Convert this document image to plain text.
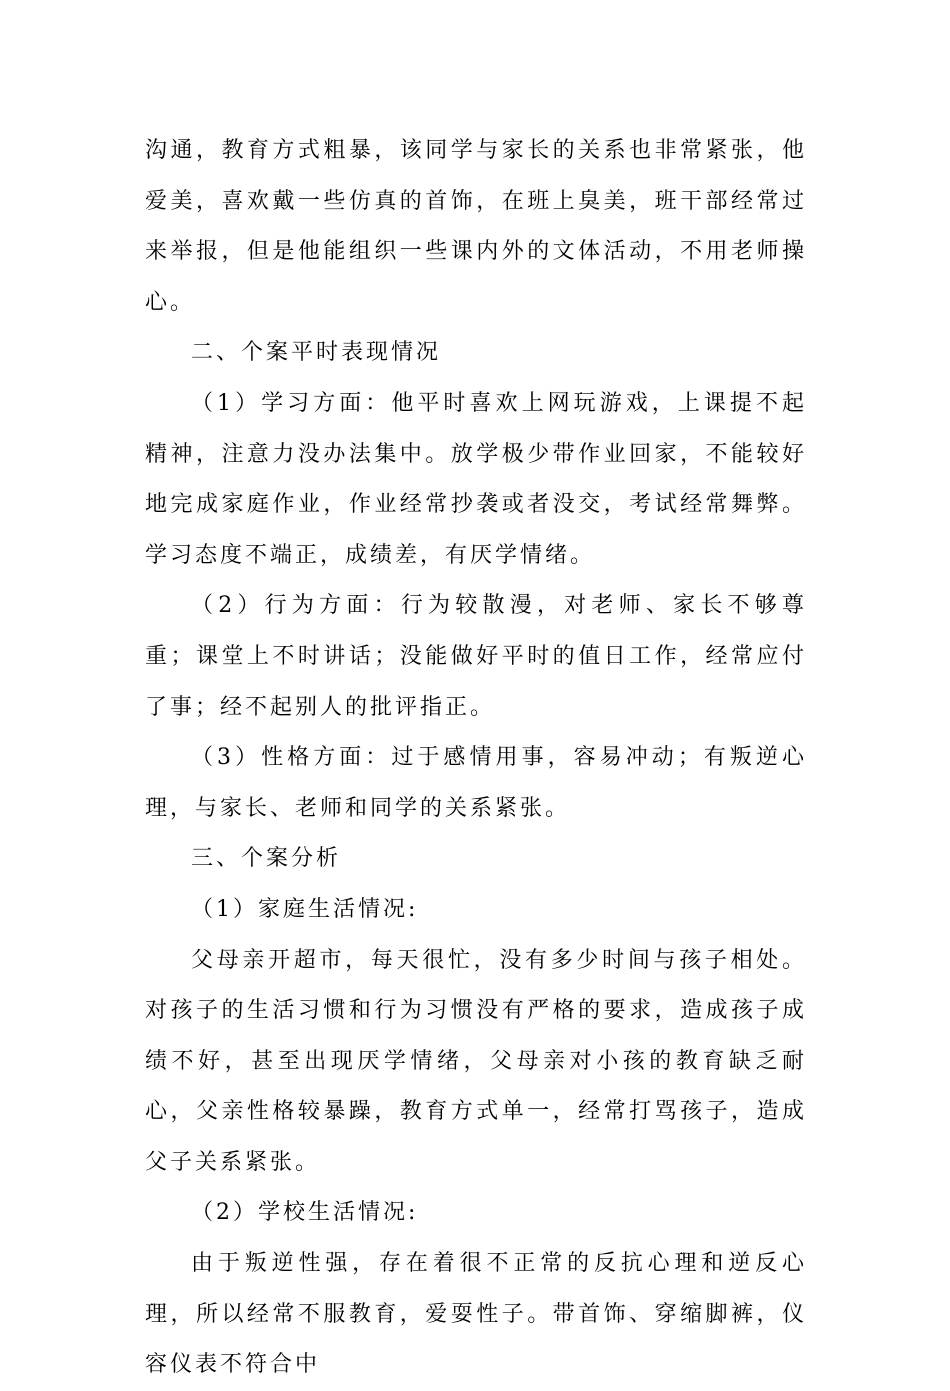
沟通，教育方式粗暴，该同学与家长的关系也非常紧张，他爱美，喜欢戴一些仿真的首饰，在班上臭美，班干部经常过来举报，但是他能组织一些课内外的文体活动，不用老师操心。

二、个案平时表现情况

（1）学习方面：他平时喜欢上网玩游戏，上课提不起精神，注意力没办法集中。放学极少带作业回家，不能较好地完成家庭作业，作业经常抄袭或者没交，考试经常舞弊。学习态度不端正，成绩差，有厌学情绪。

（2）行为方面：行为较散漫，对老师、家长不够尊重；课堂上不时讲话；没能做好平时的值日工作，经常应付了事；经不起别人的批评指正。

（3）性格方面：过于感情用事，容易冲动；有叛逆心理，与家长、老师和同学的关系紧张。

三、个案分析

（1）家庭生活情况:

父母亲开超市，每天很忙，没有多少时间与孩子相处。对孩子的生活习惯和行为习惯没有严格的要求，造成孩子成绩不好，甚至出现厌学情绪，父母亲对小孩的教育缺乏耐心，父亲性格较暴躁，教育方式单一，经常打骂孩子，造成父子关系紧张。

（2）学校生活情况:

由于叛逆性强，存在着很不正常的反抗心理和逆反心理，所以经常不服教育，爱耍性子。带首饰、穿缩脚裤，仪容仪表不符合中
